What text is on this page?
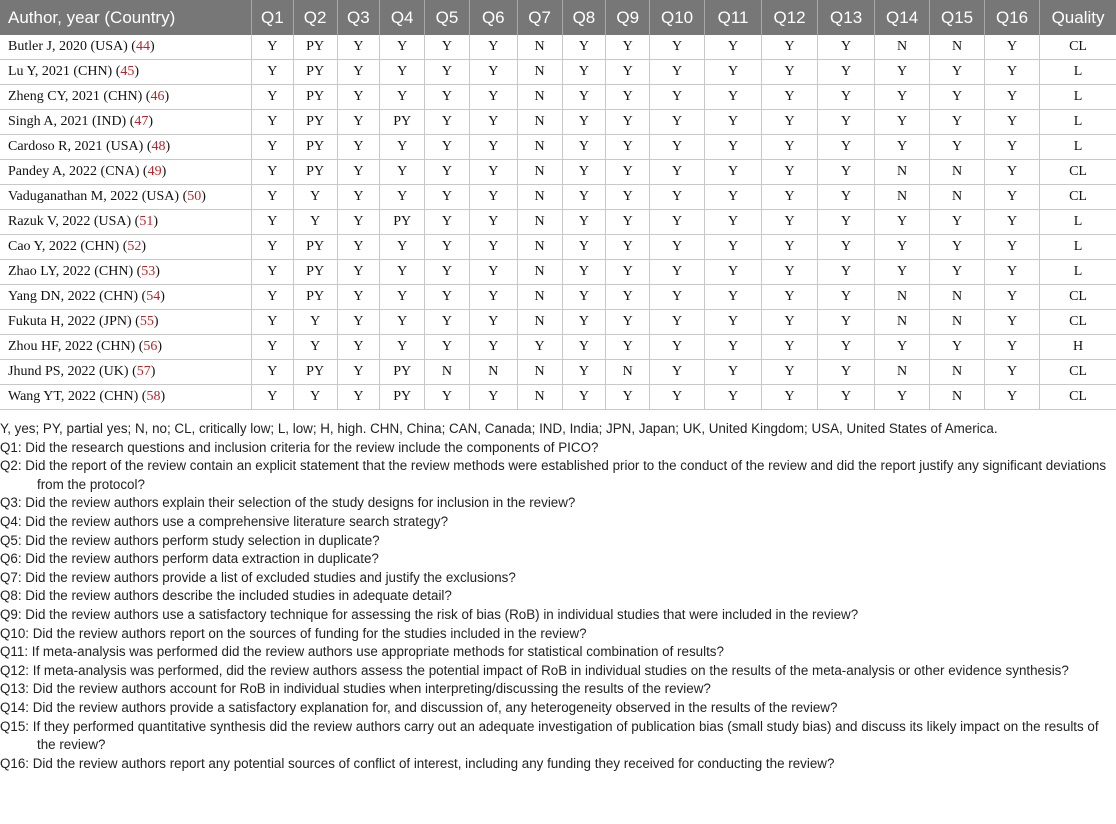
Author, year (Country)	Q1	Q2	Q3	Q4	Q5	Q6	Q7	Q8	Q9	Q10	Q11	Q12	Q13	Q14	Q15	Q16	Quality
Butler J, 2020 (USA) (44)	Y	PY	Y	Y	Y	Y	N	Y	Y	Y	Y	Y	Y	N	N	Y	CL
Lu Y, 2021 (CHN) (45)	Y	PY	Y	Y	Y	Y	N	Y	Y	Y	Y	Y	Y	Y	Y	Y	L
Zheng CY, 2021 (CHN) (46)	Y	PY	Y	Y	Y	Y	N	Y	Y	Y	Y	Y	Y	Y	Y	Y	L
Singh A, 2021 (IND) (47)	Y	PY	Y	PY	Y	Y	N	Y	Y	Y	Y	Y	Y	Y	Y	Y	L
Cardoso R, 2021 (USA) (48)	Y	PY	Y	Y	Y	Y	N	Y	Y	Y	Y	Y	Y	Y	Y	Y	L
Pandey A, 2022 (CNA) (49)	Y	PY	Y	Y	Y	Y	N	Y	Y	Y	Y	Y	Y	N	N	Y	CL
Vaduganathan M, 2022 (USA) (50)	Y	Y	Y	Y	Y	Y	N	Y	Y	Y	Y	Y	Y	N	N	Y	CL
Razuk V, 2022 (USA) (51)	Y	Y	Y	PY	Y	Y	N	Y	Y	Y	Y	Y	Y	Y	Y	Y	L
Cao Y, 2022 (CHN) (52)	Y	PY	Y	Y	Y	Y	N	Y	Y	Y	Y	Y	Y	Y	Y	Y	L
Zhao LY, 2022 (CHN) (53)	Y	PY	Y	Y	Y	Y	N	Y	Y	Y	Y	Y	Y	Y	Y	Y	L
Yang DN, 2022 (CHN) (54)	Y	PY	Y	Y	Y	Y	N	Y	Y	Y	Y	Y	Y	N	N	Y	CL
Fukuta H, 2022 (JPN) (55)	Y	Y	Y	Y	Y	Y	N	Y	Y	Y	Y	Y	Y	N	N	Y	CL
Zhou HF, 2022 (CHN) (56)	Y	Y	Y	Y	Y	Y	Y	Y	Y	Y	Y	Y	Y	Y	Y	Y	H
Jhund PS, 2022 (UK) (57)	Y	PY	Y	PY	N	N	N	Y	N	Y	Y	Y	Y	N	N	Y	CL
Wang YT, 2022 (CHN) (58)	Y	Y	Y	PY	Y	Y	N	Y	Y	Y	Y	Y	Y	Y	N	Y	CL

Y, yes; PY, partial yes; N, no; CL, critically low; L, low; H, high. CHN, China; CAN, Canada; IND, India; JPN, Japan; UK, United Kingdom; USA, United States of America.

Q1: Did the research questions and inclusion criteria for the review include the components of PICO?

Q2: Did the report of the review contain an explicit statement that the review methods were established prior to the conduct of the review and did the report justify any significant deviations from the protocol?

Q3: Did the review authors explain their selection of the study designs for inclusion in the review?

Q4: Did the review authors use a comprehensive literature search strategy?

Q5: Did the review authors perform study selection in duplicate?

Q6: Did the review authors perform data extraction in duplicate?

Q7: Did the review authors provide a list of excluded studies and justify the exclusions?

Q8: Did the review authors describe the included studies in adequate detail?

Q9: Did the review authors use a satisfactory technique for assessing the risk of bias (RoB) in individual studies that were included in the review?

Q10: Did the review authors report on the sources of funding for the studies included in the review?

Q11: If meta-analysis was performed did the review authors use appropriate methods for statistical combination of results?

Q12: If meta-analysis was performed, did the review authors assess the potential impact of RoB in individual studies on the results of the meta-analysis or other evidence synthesis?

Q13: Did the review authors account for RoB in individual studies when interpreting/discussing the results of the review?

Q14: Did the review authors provide a satisfactory explanation for, and discussion of, any heterogeneity observed in the results of the review?

Q15: If they performed quantitative synthesis did the review authors carry out an adequate investigation of publication bias (small study bias) and discuss its likely impact on the results of the review?

Q16: Did the review authors report any potential sources of conflict of interest, including any funding they received for conducting the review?
